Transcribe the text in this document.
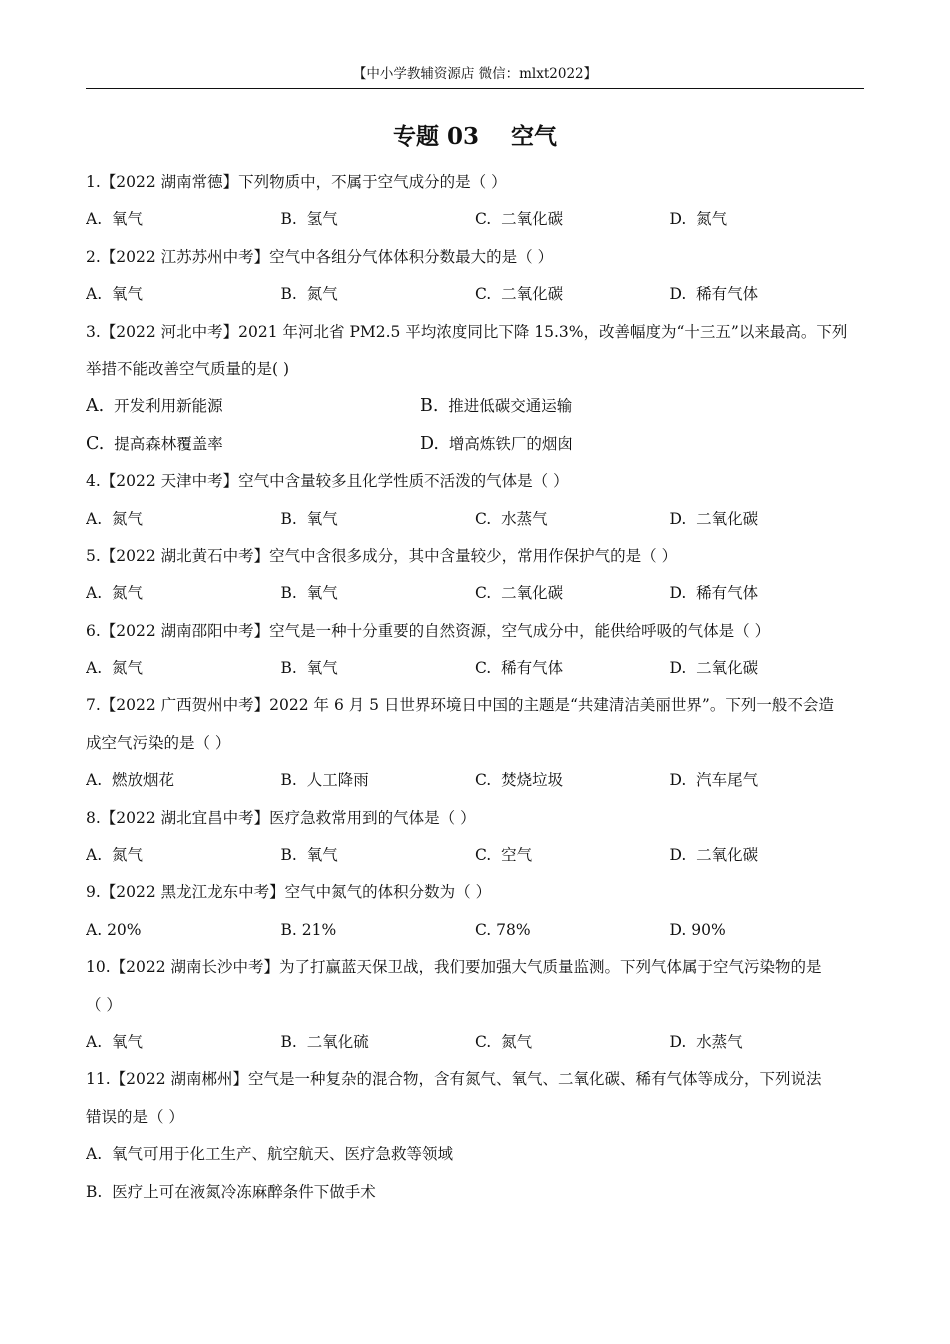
【中小学教辅资源店 微信：mlxt2022】
专题 03    空气
1.【2022 湖南常德】下列物质中，不属于空气成分的是（ ）
A. 氧气	B. 氢气	C. 二氧化碳	D. 氮气
2.【2022 江苏苏州中考】空气中各组分气体体积分数最大的是（ ）
A. 氧气	B. 氮气	C. 二氧化碳	D. 稀有气体
3.【2022 河北中考】2021 年河北省 PM2.5 平均浓度同比下降 15.3%，改善幅度为“十三五”以来最高。下列
举措不能改善空气质量的是( )
A. 开发利用新能源	B. 推进低碳交通运输
C. 提高森林覆盖率	D. 增高炼铁厂的烟囱
4.【2022 天津中考】空气中含量较多且化学性质不活泼的气体是（ ）
A. 氮气	B. 氧气	C. 水蒸气	D. 二氧化碳
5.【2022 湖北黄石中考】空气中含很多成分，其中含量较少，常用作保护气的是（ ）
A. 氮气	B. 氧气	C. 二氧化碳	D. 稀有气体
6.【2022 湖南邵阳中考】空气是一种十分重要的自然资源，空气成分中，能供给呼吸的气体是（ ）
A. 氮气	B. 氧气	C. 稀有气体	D. 二氧化碳
7.【2022 广西贺州中考】2022 年 6 月 5 日世界环境日中国的主题是“共建清洁美丽世界”。下列一般不会造
成空气污染的是（ ）
A. 燃放烟花	B. 人工降雨	C. 焚烧垃圾	D. 汽车尾气
8.【2022 湖北宜昌中考】医疗急救常用到的气体是（ ）
A. 氮气	B. 氧气	C. 空气	D. 二氧化碳
9.【2022 黑龙江龙东中考】空气中氮气的体积分数为（ ）
A. 20%	B. 21%	C. 78%	D. 90%
10.【2022 湖南长沙中考】为了打赢蓝天保卫战，我们要加强大气质量监测。下列气体属于空气污染物的是
（ ）
A. 氧气	B. 二氧化硫	C. 氮气	D. 水蒸气
11.【2022 湖南郴州】空气是一种复杂的混合物，含有氮气、氧气、二氧化碳、稀有气体等成分，下列说法
错误的是（ ）
A. 氧气可用于化工生产、航空航天、医疗急救等领域
B. 医疗上可在液氮冷冻麻醉条件下做手术
